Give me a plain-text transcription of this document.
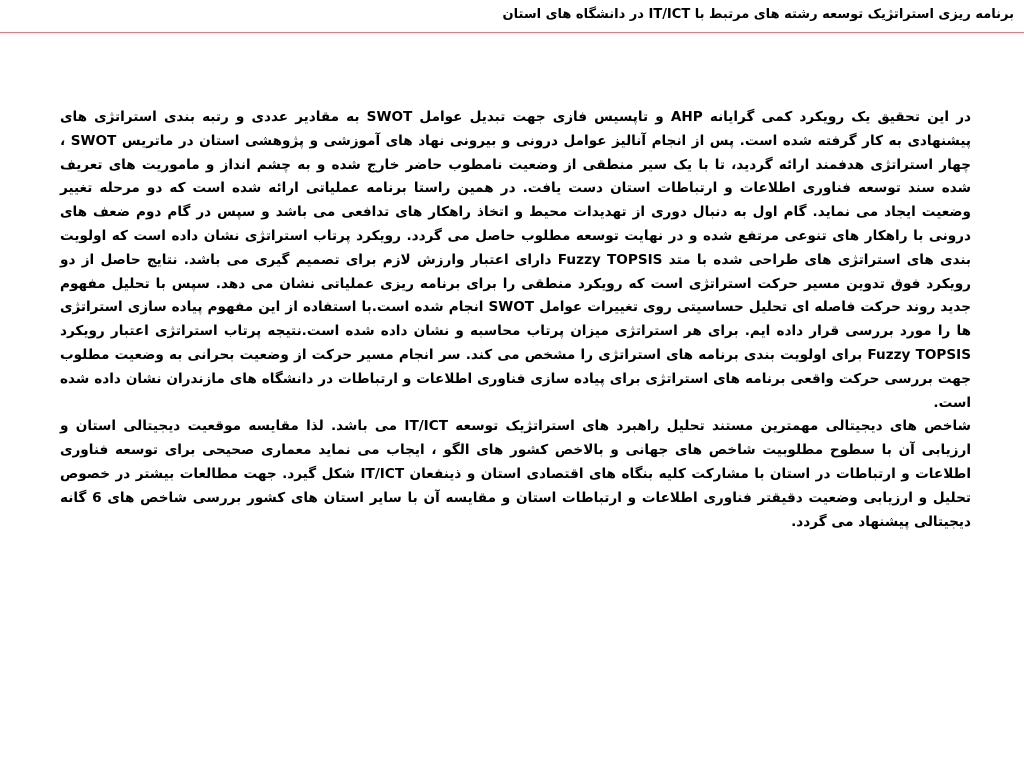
برنامه ریزی استراتژیک توسعه رشته های مرتبط با IT/ICT در دانشگاه های استان

در این تحقیق یک رویکرد کمی گرایانه AHP و تاپسیس فازی جهت تبدیل عوامل SWOT به مقادیر عددی و رتبه بندی استراتژی های پیشنهادی به کار گرفته شده است. پس از انجام آنالیز عوامل درونی و بیرونی نهاد های آموزشی و پژوهشی استان در ماتریس SWOT ، چهار استراتژی هدفمند ارائه گردید، تا با یک سیر منطقی از وضعیت نامطوب حاضر خارج شده و به چشم انداز و ماموریت های تعریف شده سند توسعه فناوری اطلاعات و ارتباطات استان دست یافت. در همین راستا برنامه عملیاتی ارائه شده است که دو مرحله تغییر وضعیت ایجاد می نماید. گام اول به دنبال دوری از تهدیدات محیط و اتخاذ راهکار های تدافعی می باشد و سپس در گام دوم ضعف های درونی با راهکار های تنوعی مرتفع شده و در نهایت توسعه مطلوب حاصل می گردد. رویکرد پرتاب استراتژی نشان داده است که اولویت بندی های استراتژی های طراحی شده با متد Fuzzy TOPSIS دارای اعتبار وارزش لازم برای تصمیم گیری می باشد. نتایج حاصل از دو رویکرد فوق تدوین مسیر حرکت استراتژی است که رویکرد منطقی را برای برنامه ریزی عملیاتی نشان می دهد. سپس با تحلیل مفهوم جدید روند حرکت فاصله ای تحلیل حساسیتی روی تغییرات عوامل SWOT انجام شده است.با استفاده از این مفهوم پیاده سازی استراتژی ها را مورد بررسی قرار داده ایم. برای هر استراتژی میزان پرتاب محاسبه و نشان داده شده است.نتیجه پرتاب استراتژی اعتبار رویکرد Fuzzy TOPSIS برای اولویت بندی برنامه های استراتژی را مشخص می کند. سر انجام مسیر حرکت از وضعیت بحرانی به وضعیت مطلوب جهت بررسی حرکت واقعی برنامه های استراتژی برای پیاده سازی فناوری اطلاعات و ارتباطات در دانشگاه های مازندران نشان داده شده است.

شاخص های دیجیتالی مهمترین مستند تحلیل راهبرد های استراتژیک توسعه IT/ICT می باشد. لذا مقایسه موقعیت دیجیتالی استان و ارزیابی آن با سطوح مطلوبیت شاخص های جهانی و بالاخص کشور های الگو ، ایجاب می نماید معماری صحیحی برای توسعه فناوری اطلاعات و ارتباطات در استان با مشارکت کلیه بنگاه های اقتصادی استان و ذینفعان IT/ICT شکل گیرد. جهت مطالعات بیشتر در خصوص تحلیل و ارزیابی وضعیت دقیقتر فناوری اطلاعات و ارتباطات استان و مقایسه آن با سایر استان های کشور بررسی شاخص های 6 گانه دیجیتالی پیشنهاد می گردد.
